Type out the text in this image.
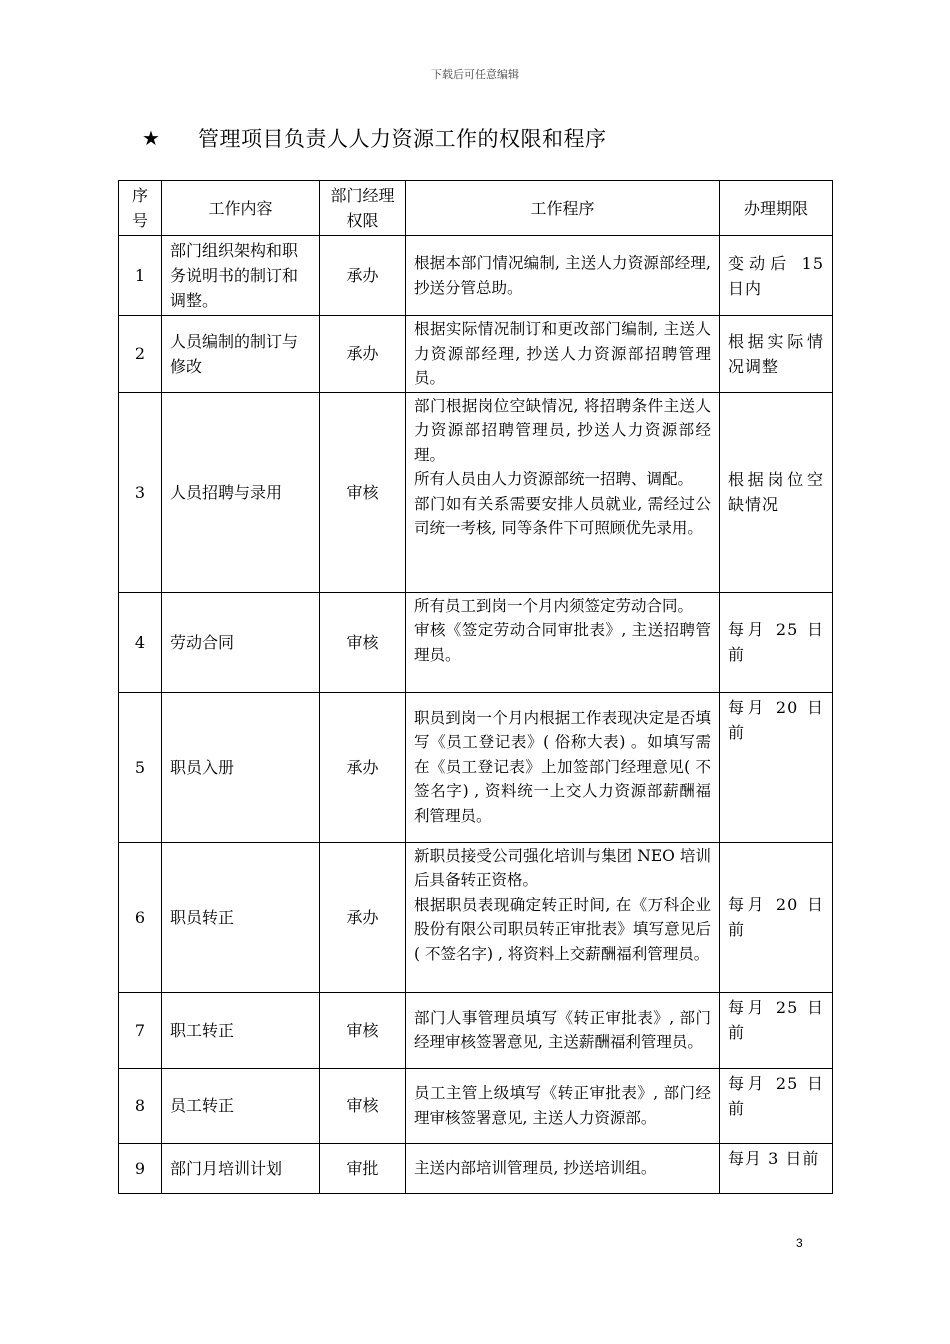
下载后可任意编辑
★	管理项目负责人人力资源工作的权限和程序
序号	工作内容	部门经理权限	工作程序	办理期限
1	部门组织架构和职务说明书的制订和调整。	承办	根据本部门情况编制, 主送人力资源部经理, 抄送分管总助。	变动后 15 日内
2	人员编制的制订与修改	承办	根据实际情况制订和更改部门编制, 主送人力资源部经理, 抄送人力资源部招聘管理员。	根据实际情况调整
3	人员招聘与录用	审核	部门根据岗位空缺情况, 将招聘条件主送人力资源部招聘管理员, 抄送人力资源部经理。
所有人员由人力资源部统一招聘、调配。
部门如有关系需要安排人员就业, 需经过公司统一考核, 同等条件下可照顾优先录用。	根据岗位空缺情况
4	劳动合同	审核	所有员工到岗一个月内须签定劳动合同。
审核《签定劳动合同审批表》, 主送招聘管理员。	每月 25 日前
5	职员入册	承办	职员到岗一个月内根据工作表现决定是否填写《员工登记表》( 俗称大表) 。如填写需在《员工登记表》上加签部门经理意见( 不签名字) , 资料统一上交人力资源部薪酬福利管理员。	每月 20 日前
6	职员转正	承办	新职员接受公司强化培训与集团 NEO 培训后具备转正资格。
根据职员表现确定转正时间, 在《万科企业股份有限公司职员转正审批表》填写意见后( 不签名字) , 将资料上交薪酬福利管理员。	每月 20 日前
7	职工转正	审核	部门人事管理员填写《转正审批表》, 部门经理审核签署意见, 主送薪酬福利管理员。	每月 25 日前
8	员工转正	审核	员工主管上级填写《转正审批表》, 部门经理审核签署意见, 主送人力资源部。	每月 25 日前
9	部门月培训计划	审批	主送内部培训管理员, 抄送培训组。	每月 3 日前
3
